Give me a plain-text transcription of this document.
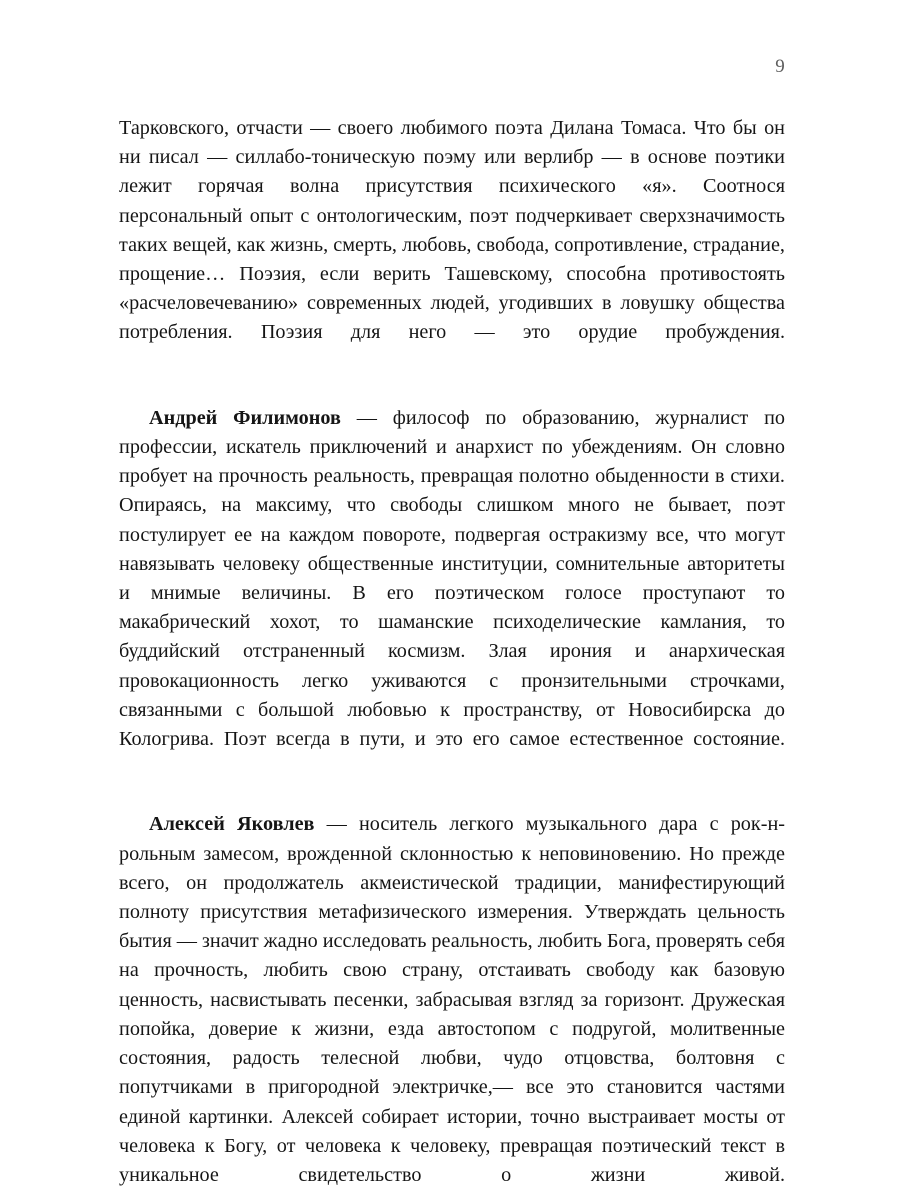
9

Тарковского, отчасти — своего любимого поэта Дилана Томаса. Что бы он ни писал — силлабо-тоническую поэму или верлибр — в основе поэтики лежит горячая волна присутствия психического «я». Соотнося персональный опыт с онтологическим, поэт подчеркивает сверхзначимость таких вещей, как жизнь, смерть, любовь, свобода, сопротивление, страдание, прощение… Поэзия, если верить Ташевскому, способна противостоять «расчеловечеванию» современных людей, угодивших в ловушку общества потребления. Поэзия для него — это орудие пробуждения.

Андрей Филимонов — философ по образованию, журналист по профессии, искатель приключений и анархист по убеждениям. Он словно пробует на прочность реальность, превращая полотно обыденности в стихи. Опираясь, на максиму, что свободы слишком много не бывает, поэт постулирует ее на каждом повороте, подвергая остракизму все, что могут навязывать человеку общественные институции, сомнительные авторитеты и мнимые величины. В его поэтическом голосе проступают то макабрический хохот, то шаманские психоделические камлания, то буддийский отстраненный космизм. Злая ирония и анархическая провокационность легко уживаются с пронзительными строчками, связанными с большой любовью к пространству, от Новосибирска до Кологрива. Поэт всегда в пути, и это его самое естественное состояние.

Алексей Яковлев — носитель легкого музыкального дара с рок-н-рольным замесом, врожденной склонностью к неповиновению. Но прежде всего, он продолжатель акмеистической традиции, манифестирующий полноту присутствия метафизического измерения. Утверждать цельность бытия — значит жадно исследовать реальность, любить Бога, проверять себя на прочность, любить свою страну, отстаивать свободу как базовую ценность, насвистывать песенки, забрасывая взгляд за горизонт. Дружеская попойка, доверие к жизни, езда автостопом с подругой, молитвенные состояния, радость телесной любви, чудо отцовства, болтовня с попутчиками в пригородной электричке,— все это становится частями единой картинки. Алексей собирает истории, точно выстраивает мосты от человека к Богу, от человека к человеку, превращая поэтический текст в уникальное свидетельство о жизни живой.
